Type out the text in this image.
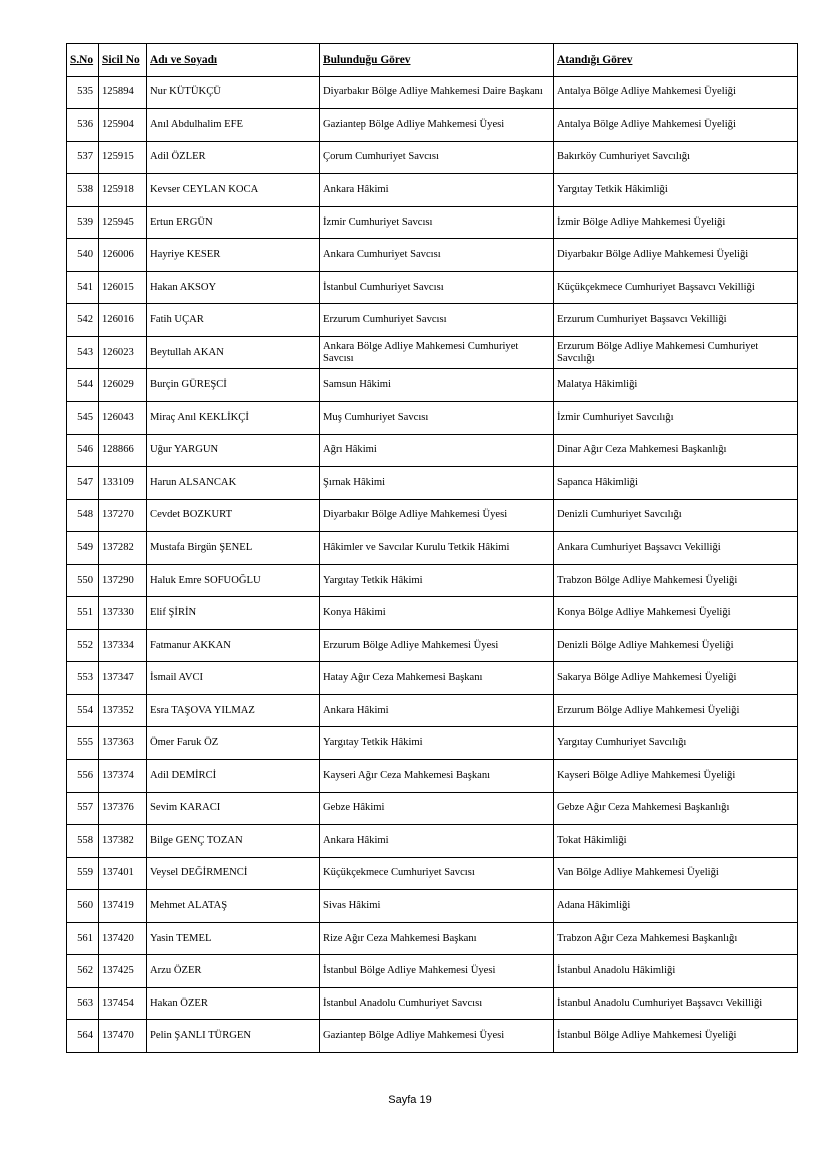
S.No	Sicil No	Adı ve Soyadı	Bulunduğu Görev	Atandığı Görev
535	125894	Nur KÜTÜKÇÜ	Diyarbakır Bölge Adliye Mahkemesi Daire Başkanı	Antalya Bölge Adliye Mahkemesi Üyeliği
536	125904	Anıl Abdulhalim EFE	Gaziantep Bölge Adliye Mahkemesi Üyesi	Antalya Bölge Adliye Mahkemesi Üyeliği
537	125915	Adil ÖZLER	Çorum Cumhuriyet Savcısı	Bakırköy Cumhuriyet Savcılığı
538	125918	Kevser CEYLAN KOCA	Ankara Hâkimi	Yargıtay Tetkik Hâkimliği
539	125945	Ertun ERGÜN	İzmir Cumhuriyet Savcısı	İzmir Bölge Adliye Mahkemesi Üyeliği
540	126006	Hayriye KESER	Ankara Cumhuriyet Savcısı	Diyarbakır Bölge Adliye Mahkemesi Üyeliği
541	126015	Hakan AKSOY	İstanbul Cumhuriyet Savcısı	Küçükçekmece Cumhuriyet Başsavcı Vekilliği
542	126016	Fatih UÇAR	Erzurum Cumhuriyet Savcısı	Erzurum Cumhuriyet Başsavcı Vekilliği
543	126023	Beytullah AKAN	Ankara Bölge Adliye Mahkemesi Cumhuriyet Savcısı	Erzurum Bölge Adliye Mahkemesi Cumhuriyet Savcılığı
544	126029	Burçin GÜREŞCİ	Samsun Hâkimi	Malatya Hâkimliği
545	126043	Miraç Anıl KEKLİKÇİ	Muş Cumhuriyet Savcısı	İzmir Cumhuriyet Savcılığı
546	128866	Uğur YARGUN	Ağrı Hâkimi	Dinar Ağır Ceza Mahkemesi Başkanlığı
547	133109	Harun ALSANCAK	Şırnak Hâkimi	Sapanca Hâkimliği
548	137270	Cevdet BOZKURT	Diyarbakır Bölge Adliye Mahkemesi Üyesi	Denizli Cumhuriyet Savcılığı
549	137282	Mustafa Birgün ŞENEL	Hâkimler ve Savcılar Kurulu Tetkik Hâkimi	Ankara Cumhuriyet Başsavcı Vekilliği
550	137290	Haluk Emre SOFUOĞLU	Yargıtay Tetkik Hâkimi	Trabzon Bölge Adliye Mahkemesi Üyeliği
551	137330	Elif ŞİRİN	Konya Hâkimi	Konya Bölge Adliye Mahkemesi Üyeliği
552	137334	Fatmanur AKKAN	Erzurum Bölge Adliye Mahkemesi Üyesi	Denizli Bölge Adliye Mahkemesi Üyeliği
553	137347	İsmail AVCI	Hatay Ağır Ceza Mahkemesi Başkanı	Sakarya Bölge Adliye Mahkemesi Üyeliği
554	137352	Esra TAŞOVA YILMAZ	Ankara Hâkimi	Erzurum Bölge Adliye Mahkemesi Üyeliği
555	137363	Ömer Faruk ÖZ	Yargıtay Tetkik Hâkimi	Yargıtay Cumhuriyet Savcılığı
556	137374	Adil DEMİRCİ	Kayseri Ağır Ceza Mahkemesi Başkanı	Kayseri Bölge Adliye Mahkemesi Üyeliği
557	137376	Sevim KARACI	Gebze Hâkimi	Gebze Ağır Ceza Mahkemesi Başkanlığı
558	137382	Bilge GENÇ TOZAN	Ankara Hâkimi	Tokat Hâkimliği
559	137401	Veysel DEĞİRMENCİ	Küçükçekmece Cumhuriyet Savcısı	Van Bölge Adliye Mahkemesi Üyeliği
560	137419	Mehmet ALATAŞ	Sivas Hâkimi	Adana Hâkimliği
561	137420	Yasin TEMEL	Rize Ağır Ceza Mahkemesi Başkanı	Trabzon Ağır Ceza Mahkemesi Başkanlığı
562	137425	Arzu ÖZER	İstanbul Bölge Adliye Mahkemesi Üyesi	İstanbul Anadolu Hâkimliği
563	137454	Hakan ÖZER	İstanbul Anadolu Cumhuriyet Savcısı	İstanbul Anadolu Cumhuriyet Başsavcı Vekilliği
564	137470	Pelin ŞANLI TÜRGEN	Gaziantep Bölge Adliye Mahkemesi Üyesi	İstanbul Bölge Adliye Mahkemesi Üyeliği
Sayfa 19
